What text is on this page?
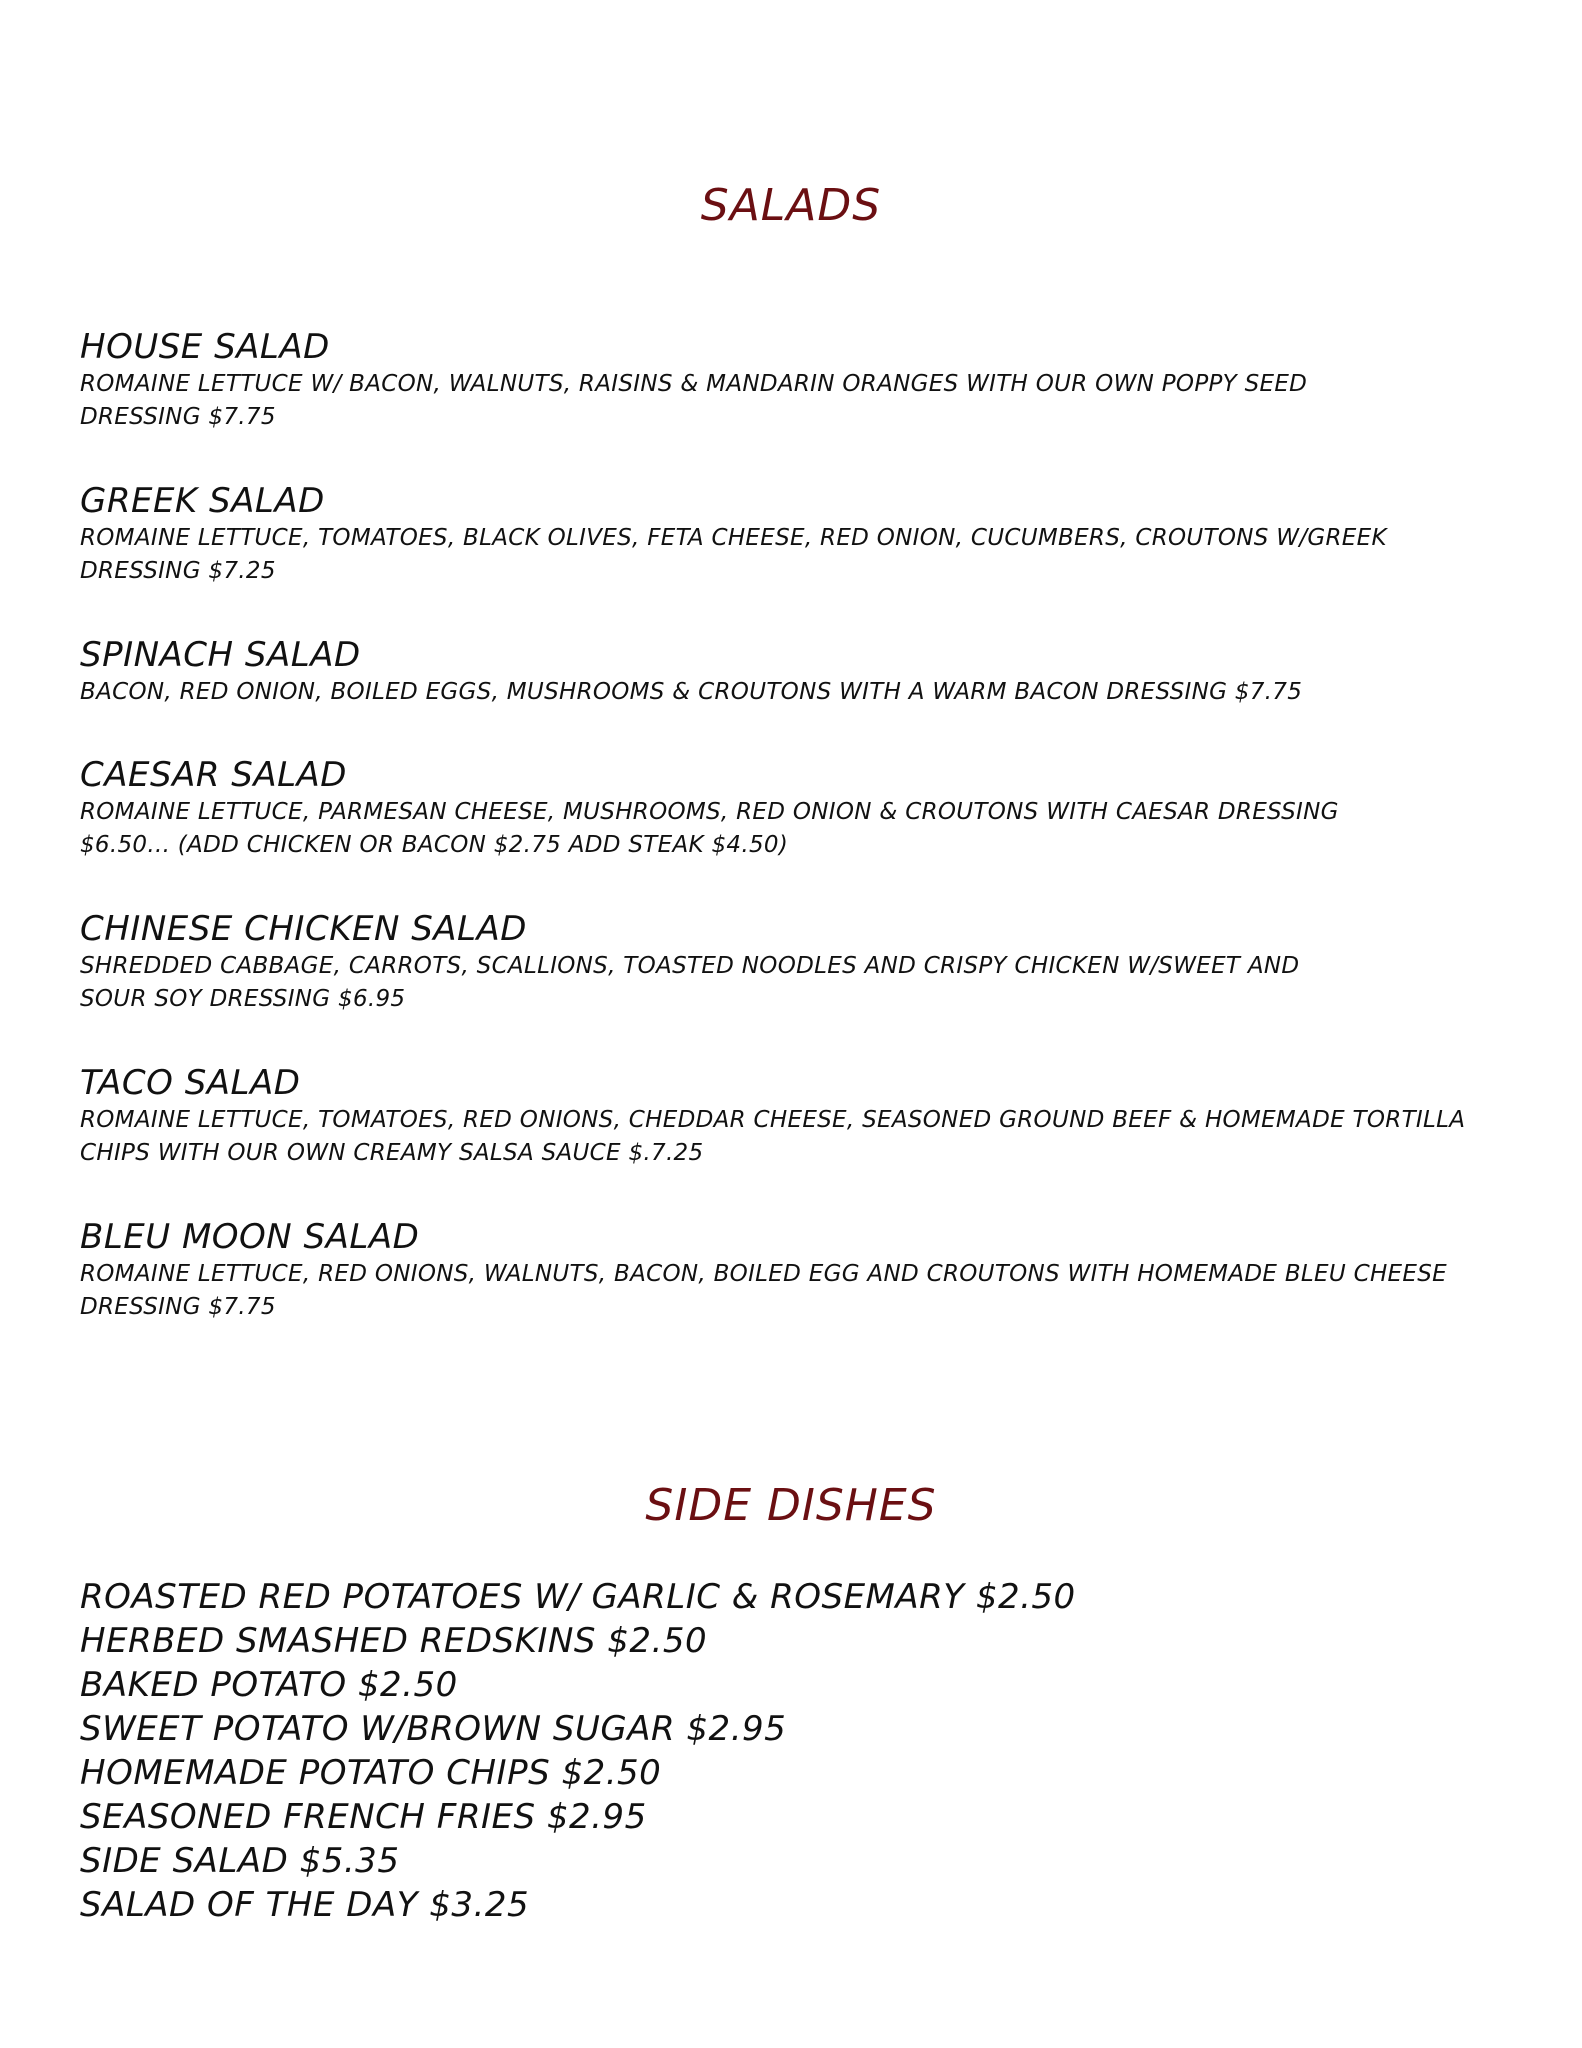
SALADS
HOUSE SALAD

ROMAINE LETTUCE W/ BACON, WALNUTS, RAISINS & MANDARIN ORANGES WITH OUR OWN POPPY SEED DRESSING $7.75

GREEK SALAD

ROMAINE LETTUCE, TOMATOES, BLACK OLIVES, FETA CHEESE, RED ONION, CUCUMBERS, CROUTONS W/GREEK DRESSING $7.25

SPINACH SALAD

BACON, RED ONION, BOILED EGGS, MUSHROOMS & CROUTONS WITH A WARM BACON DRESSING $7.75

CAESAR SALAD

ROMAINE LETTUCE, PARMESAN CHEESE, MUSHROOMS, RED ONION & CROUTONS WITH CAESAR DRESSING $6.50... (ADD CHICKEN OR BACON $2.75 ADD STEAK $4.50)

CHINESE CHICKEN SALAD

SHREDDED CABBAGE, CARROTS, SCALLIONS, TOASTED NOODLES AND CRISPY CHICKEN W/SWEET AND SOUR SOY DRESSING $6.95

TACO SALAD

ROMAINE LETTUCE, TOMATOES, RED ONIONS, CHEDDAR CHEESE, SEASONED GROUND BEEF & HOMEMADE TORTILLA CHIPS WITH OUR OWN CREAMY SALSA SAUCE $.7.25

BLEU MOON SALAD

ROMAINE LETTUCE, RED ONIONS, WALNUTS, BACON, BOILED EGG AND CROUTONS WITH HOMEMADE BLEU CHEESE DRESSING $7.75

SIDE DISHES
ROASTED RED POTATOES W/ GARLIC & ROSEMARY $2.50
HERBED SMASHED REDSKINS $2.50
BAKED POTATO $2.50
SWEET POTATO W/BROWN SUGAR $2.95
HOMEMADE POTATO CHIPS $2.50
SEASONED FRENCH FRIES $2.95
SIDE SALAD $5.35
SALAD OF THE DAY $3.25
